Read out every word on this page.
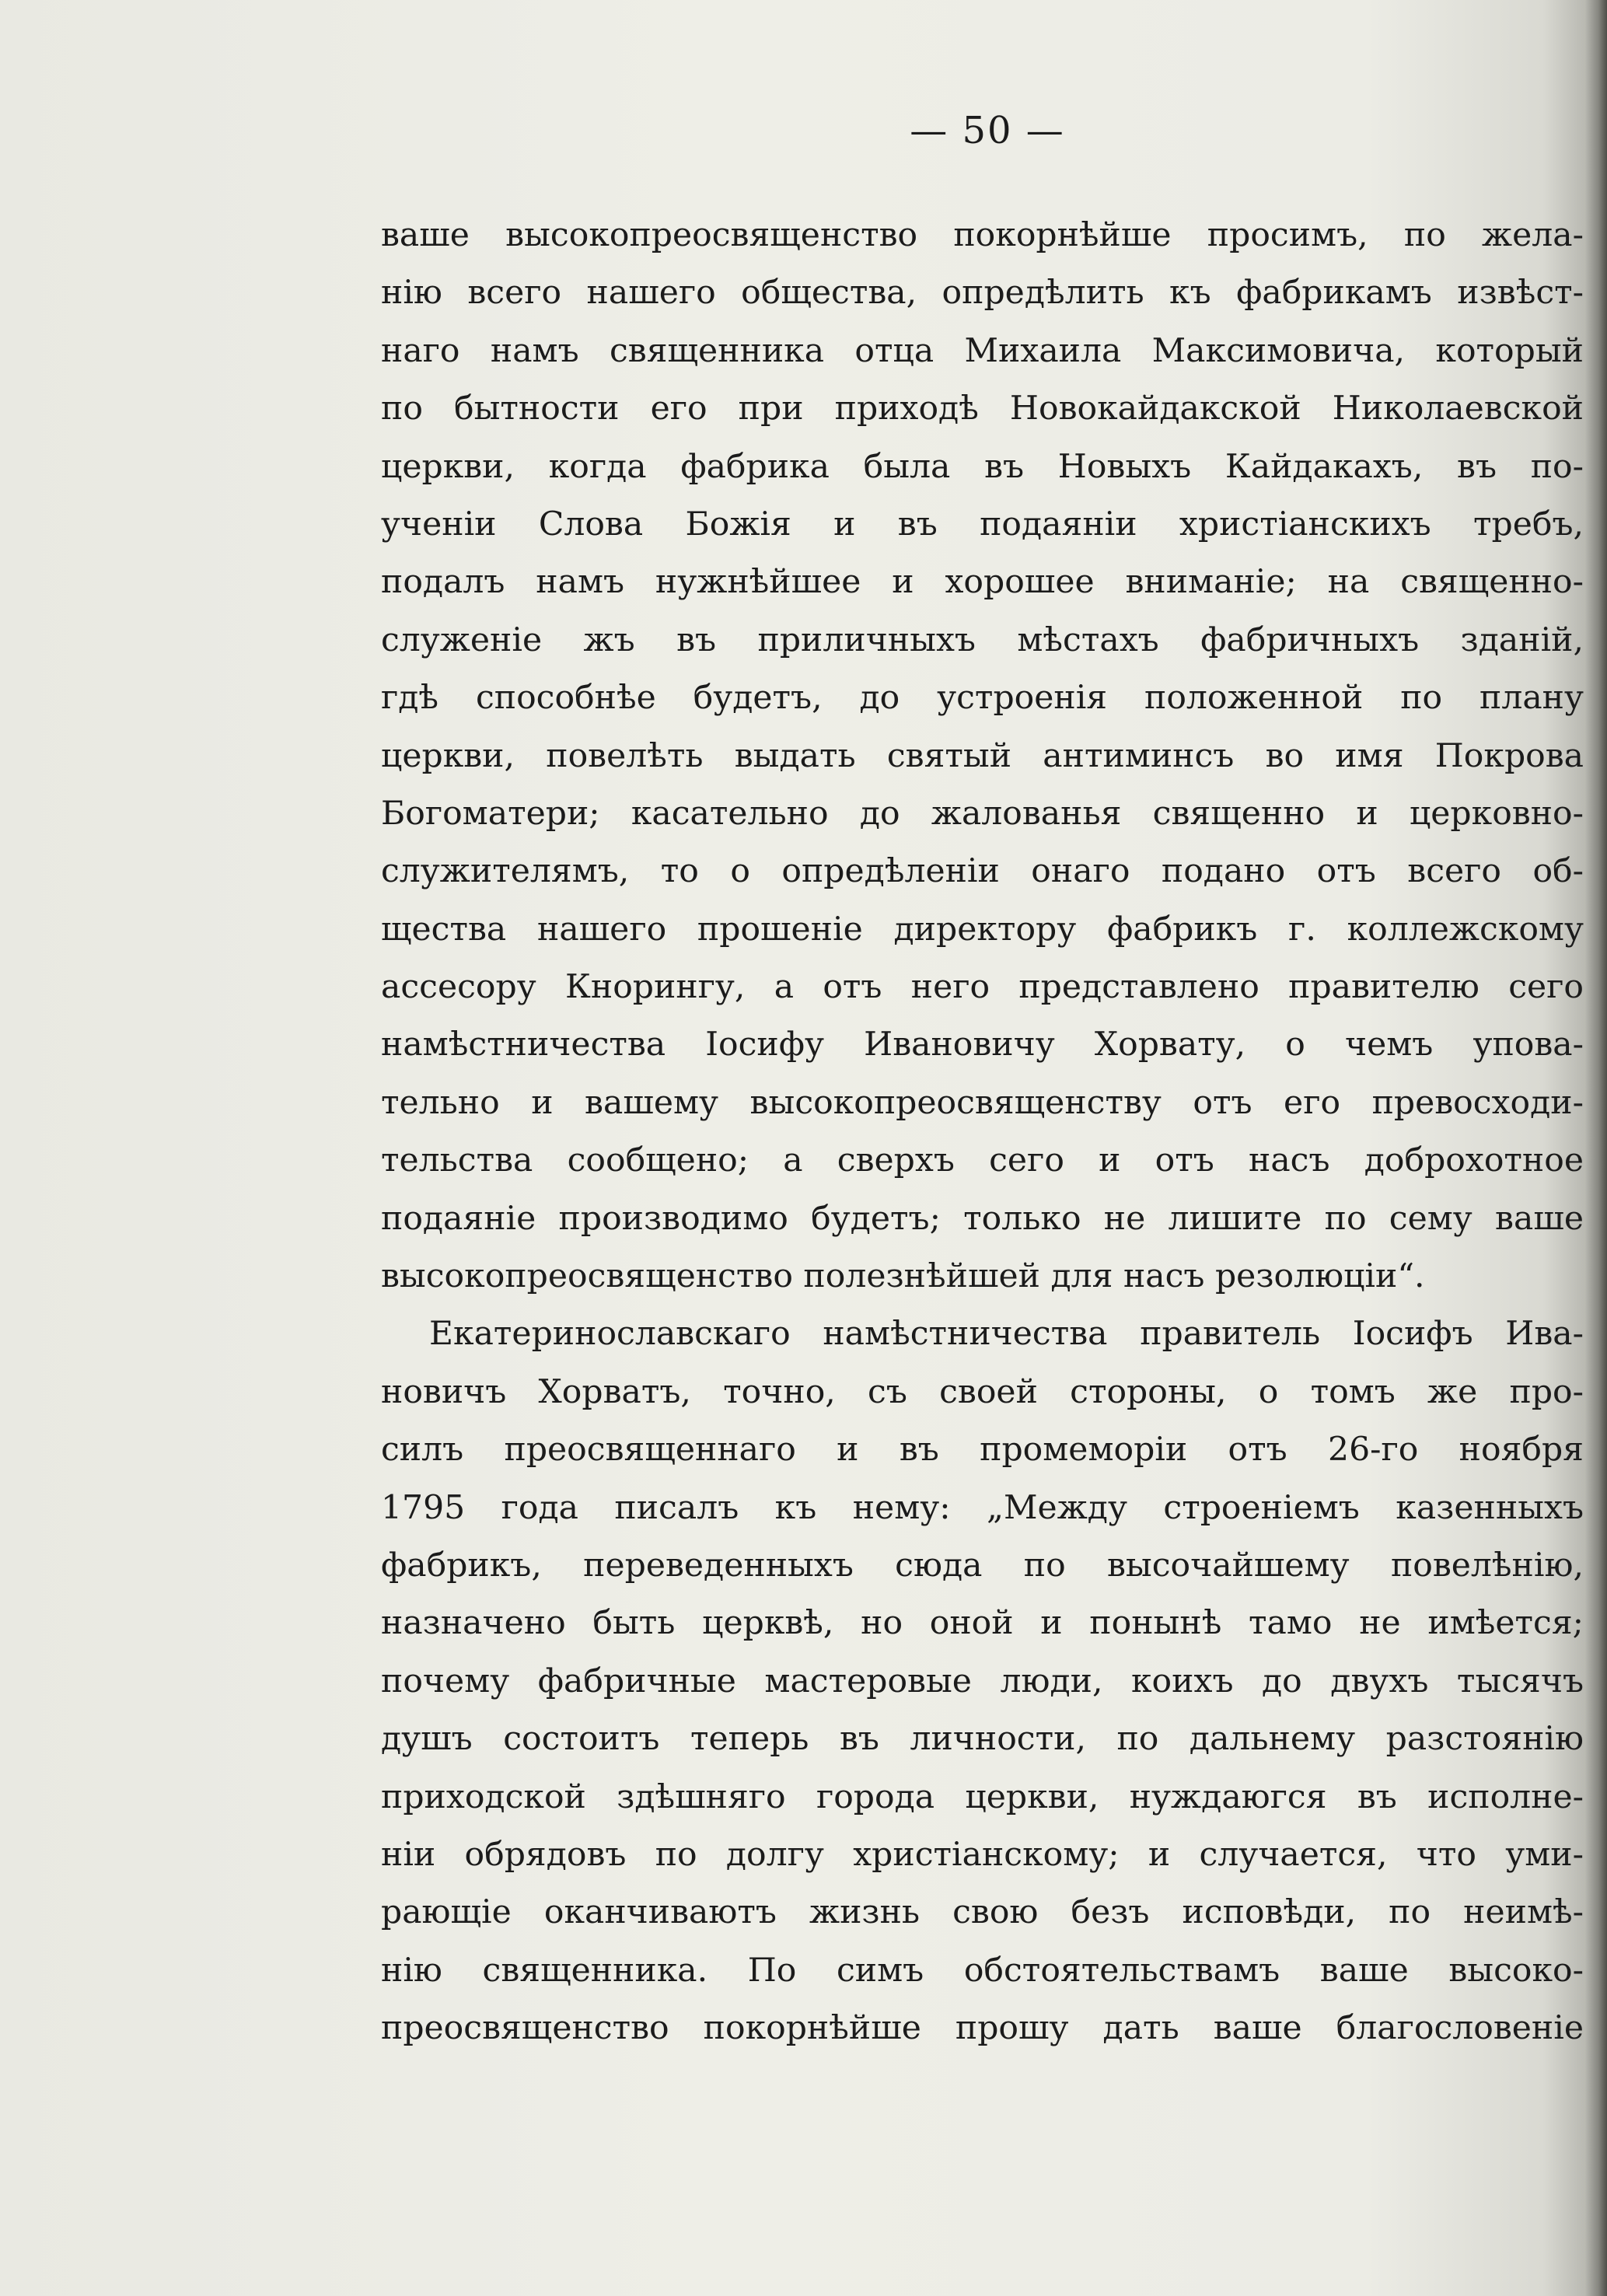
— 50 —
ваше высокопреосвященство покорнѣйше просимъ, по жела-
нію всего нашего общества, опредѣлить къ фабрикамъ извѣст-
наго намъ священника отца Михаила Максимовича, который
по бытности его при приходѣ Новокайдакской Николаевской
церкви, когда фабрика была въ Новыхъ Кайдакахъ, въ по-
ученіи Слова Божія и въ подаяніи христіанскихъ требъ,
подалъ намъ нужнѣйшее и хорошее вниманіе; на священно-
служеніе жъ въ приличныхъ мѣстахъ фабричныхъ зданій,
гдѣ способнѣе будетъ, до устроенія положенной по плану
церкви, повелѣть выдать святый антиминсъ во имя Покрова
Богоматери; касательно до жалованья священно и церковно-
служителямъ, то о опредѣленіи онаго подано отъ всего об-
щества нашего прошеніе директору фабрикъ г. коллежскому
ассесору Кнорингу, а отъ него представлено правителю сего
намѣстничества Іосифу Ивановичу Хорвату, о чемъ упова-
тельно и вашему высокопреосвященству отъ его превосходи-
тельства сообщено; а сверхъ сего и отъ насъ доброхотное
подаяніе производимо будетъ; только не лишите по сему ваше
высокопреосвященство полезнѣйшей для насъ резолюціи“.
Екатеринославскаго намѣстничества правитель Іосифъ Ива-
новичъ Хорватъ, точно, съ своей стороны, о томъ же про-
силъ преосвященнаго и въ промеморіи отъ 26-го ноября
1795 года писалъ къ нему: „Между строеніемъ казенныхъ
фабрикъ, переведенныхъ сюда по высочайшему повелѣнію,
назначено быть церквѣ, но оной и понынѣ тамо не имѣется;
почему фабричные мастеровые люди, коихъ до двухъ тысячъ
душъ состоитъ теперь въ личности, по дальнему разстоянію
приходской здѣшняго города церкви, нуждаюгся въ исполне-
ніи обрядовъ по долгу христіанскому; и случается, что уми-
рающіе оканчиваютъ жизнь свою безъ исповѣди, по неимѣ-
нію священника. По симъ обстоятельствамъ ваше высоко-
преосвященство покорнѣйше прошу дать ваше благословеніе
